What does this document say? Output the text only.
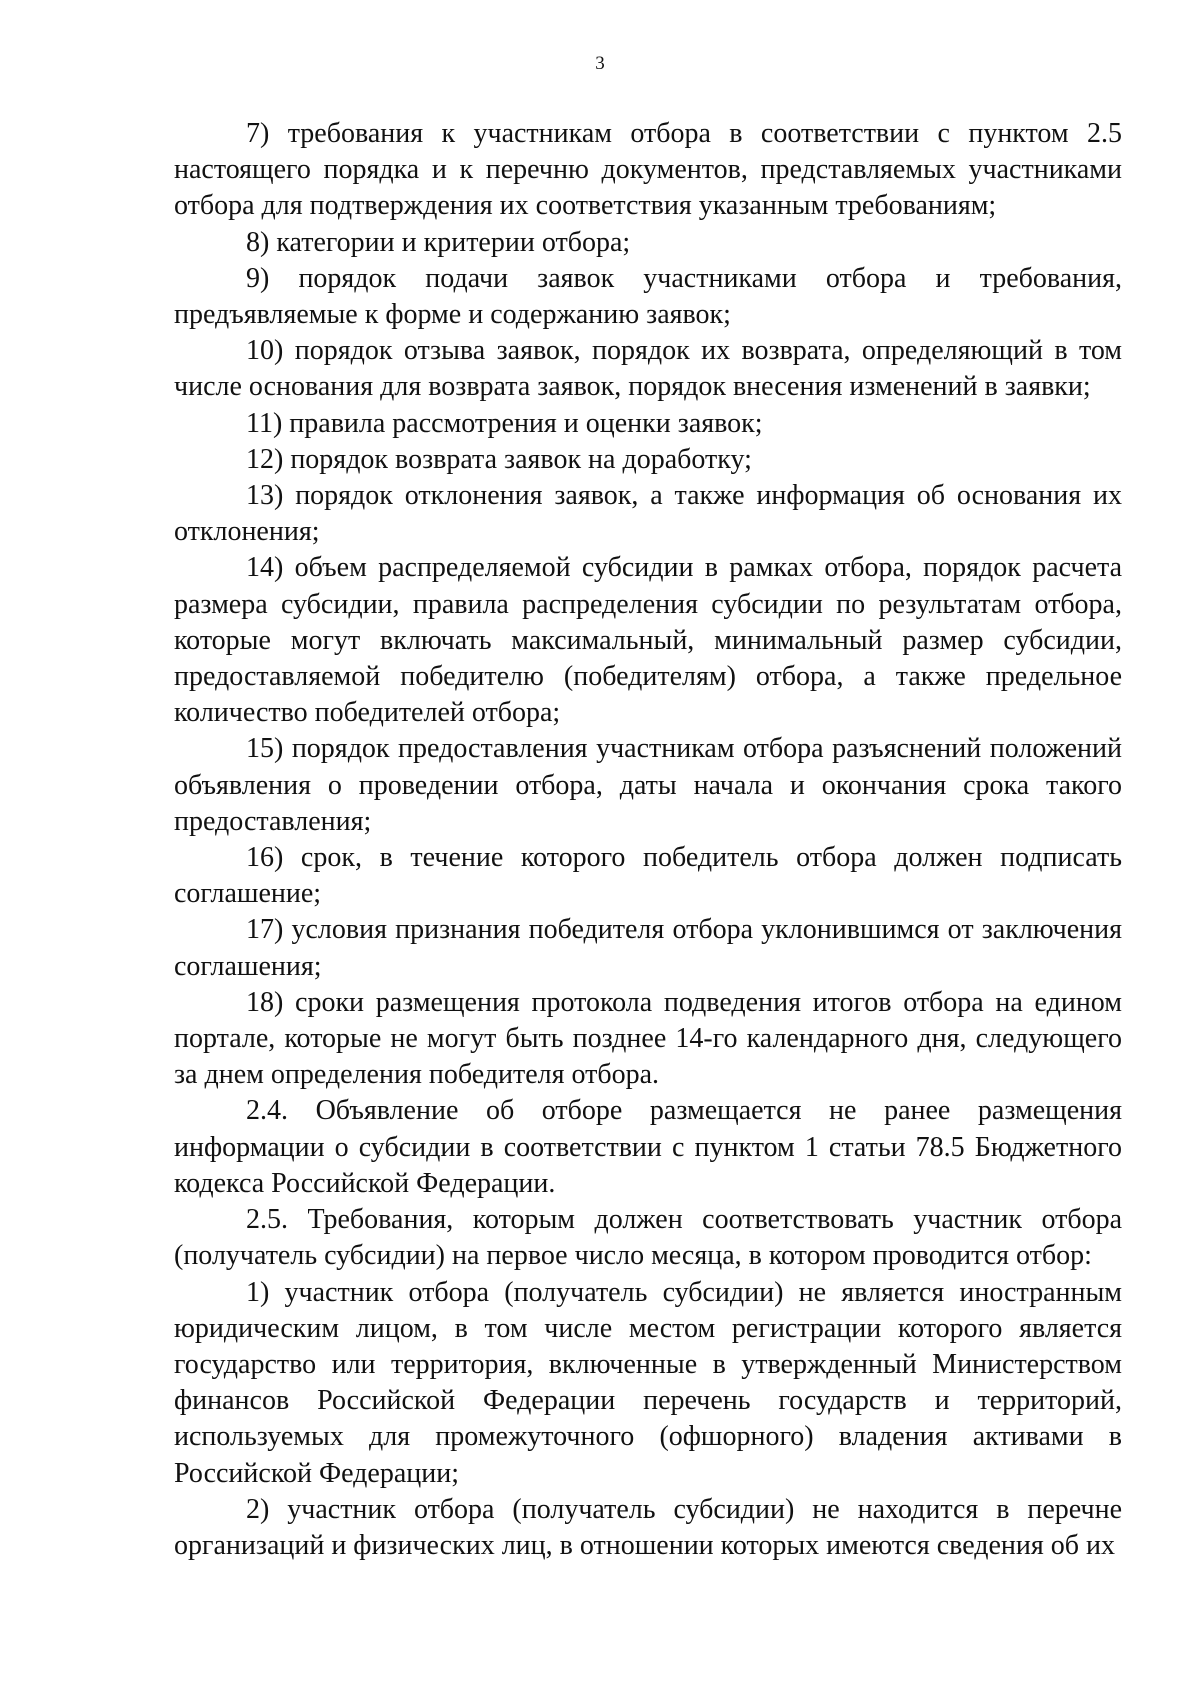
3

7) требования к участникам отбора в соответствии с пунктом 2.5 настоящего порядка и к перечню документов, представляемых участниками отбора для подтверждения их соответствия указанным требованиям;

8) категории и критерии отбора;

9) порядок подачи заявок участниками отбора и требования, предъявляемые к форме и содержанию заявок;

10) порядок отзыва заявок, порядок их возврата, определяющий в том числе основания для возврата заявок, порядок внесения изменений в заявки;

11) правила рассмотрения и оценки заявок;

12) порядок возврата заявок на доработку;

13) порядок отклонения заявок, а также информация об основания их отклонения;

14) объем распределяемой субсидии в рамках отбора, порядок расчета размера субсидии, правила распределения субсидии по результатам отбора, которые могут включать максимальный, минимальный размер субсидии, предоставляемой победителю (победителям) отбора, а также предельное количество победителей отбора;

15) порядок предоставления участникам отбора разъяснений положений объявления о проведении отбора, даты начала и окончания срока такого предоставления;

16) срок, в течение которого победитель отбора должен подписать соглашение;

17) условия признания победителя отбора уклонившимся от заключения соглашения;

18) сроки размещения протокола подведения итогов отбора на едином портале, которые не могут быть позднее 14-го календарного дня, следующего за днем определения победителя отбора.

2.4. Объявление об отборе размещается не ранее размещения информации о субсидии в соответствии с пунктом 1 статьи 78.5 Бюджетного кодекса Российской Федерации.

2.5. Требования, которым должен соответствовать участник отбора (получатель субсидии) на первое число месяца, в котором проводится отбор:

1) участник отбора (получатель субсидии) не является иностранным юридическим лицом, в том числе местом регистрации которого является государство или территория, включенные в утвержденный Министерством финансов Российской Федерации перечень государств и территорий, используемых для промежуточного (офшорного) владения активами в Российской Федерации;

2) участник отбора (получатель субсидии) не находится в перечне организаций и физических лиц, в отношении которых имеются сведения об их
